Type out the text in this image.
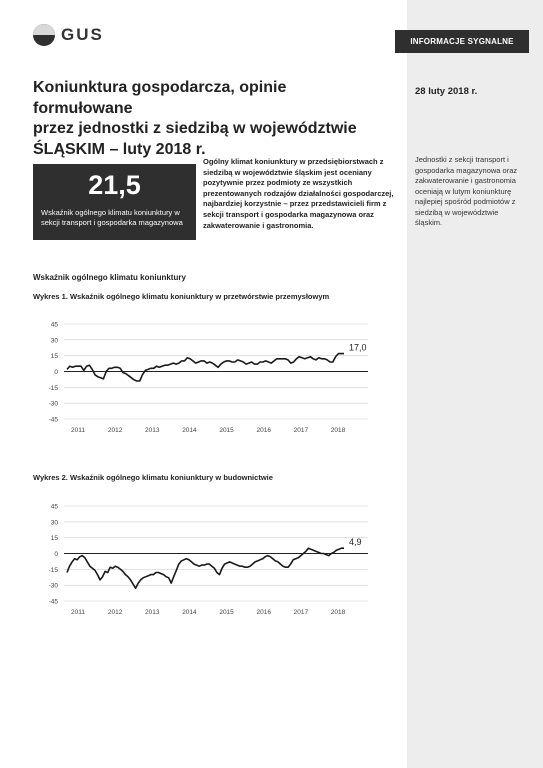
GUS	INFORMACJE SYGNALNE
28 luty 2018 r.
Koniunktura gospodarcza, opinie formułowane
przez jednostki z siedzibą w województwie
ŚLĄSKIM – luty 2018 r.
21,5
Wskaźnik ogólnego klimatu koniunktury w sekcji transport i gospodarka magazynowa
Ogólny klimat koniunktury w przedsiębiorstwach z siedzibą w województwie śląskim jest oceniany pozytywnie przez podmioty ze wszystkich prezentowanych rodzajów działalności gospodarczej, najbardziej korzystnie – przez przedstawicieli firm z sekcji transport i gospodarka magazynowa oraz zakwaterowanie i gastronomia.
Jednostki z sekcji transport i gospodarka magazynowa oraz zakwaterowanie i gastronomia oceniają w lutym koniunkturę najlepiej spośród podmiotów z siedzibą w województwie śląskim.
Wskaźnik ogólnego klimatu koniunktury
Wykres 1. Wskaźnik ogólnego klimatu koniunktury w przetwórstwie przemysłowym
45
30
15
0
-15
-30
-45
2011	2012	2013	2014	2015	2016	2017	2018
17,0
Wykres 2. Wskaźnik ogólnego klimatu koniunktury w budownictwie
45
30
15
0
-15
-30
-45
2011	2012	2013	2014	2015	2016	2017	2018
4,9
